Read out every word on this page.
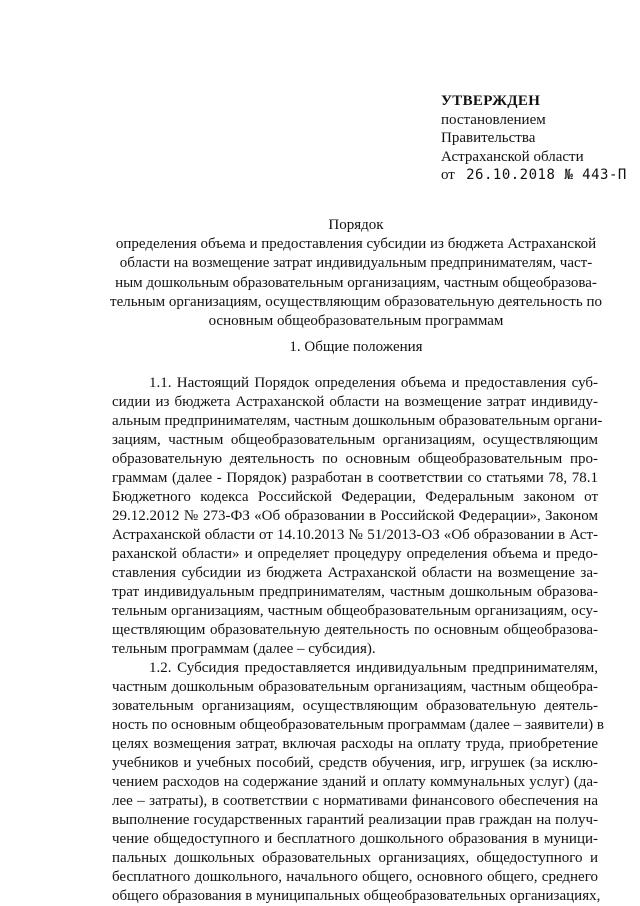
УТВЕРЖДЕН
постановлением
Правительства
Астраханской области
от 26.10.2018 № 443-П
Порядок
определения объема и предоставления субсидии из бюджета Астраханской
области на возмещение затрат индивидуальным предпринимателям, част-
ным дошкольным образовательным организациям, частным общеобразова-
тельным организациям, осуществляющим образовательную деятельность по
основным общеобразовательным программам
1. Общие положения
1.1. Настоящий Порядок определения объема и предоставления суб-
сидии из бюджета Астраханской области на возмещение затрат индивиду-
альным предпринимателям, частным дошкольным образовательным органи-
зациям, частным общеобразовательным организациям, осуществляющим
образовательную деятельность по основным общеобразовательным про-
граммам (далее - Порядок) разработан в соответствии со статьями 78, 78.1
Бюджетного кодекса Российской Федерации, Федеральным законом от
29.12.2012 № 273-ФЗ «Об образовании в Российской Федерации», Законом
Астраханской области от 14.10.2013 № 51/2013-ОЗ «Об образовании в Аст-
раханской области» и определяет процедуру определения объема и предо-
ставления субсидии из бюджета Астраханской области на возмещение за-
трат индивидуальным предпринимателям, частным дошкольным образова-
тельным организациям, частным общеобразовательным организациям, осу-
ществляющим образовательную деятельность по основным общеобразова-
тельным программам (далее – субсидия).
1.2. Субсидия предоставляется индивидуальным предпринимателям,
частным дошкольным образовательным организациям, частным общеобра-
зовательным организациям, осуществляющим образовательную деятель-
ность по основным общеобразовательным программам (далее – заявители) в
целях возмещения затрат, включая расходы на оплату труда, приобретение
учебников и учебных пособий, средств обучения, игр, игрушек (за исклю-
чением расходов на содержание зданий и оплату коммунальных услуг) (да-
лее – затраты), в соответствии с нормативами финансового обеспечения на
выполнение государственных гарантий реализации прав граждан на получ-
чение общедоступного и бесплатного дошкольного образования в муници-
пальных дошкольных образовательных организациях, общедоступного и
бесплатного дошкольного, начального общего, основного общего, среднего
общего образования в муниципальных общеобразовательных организациях,
